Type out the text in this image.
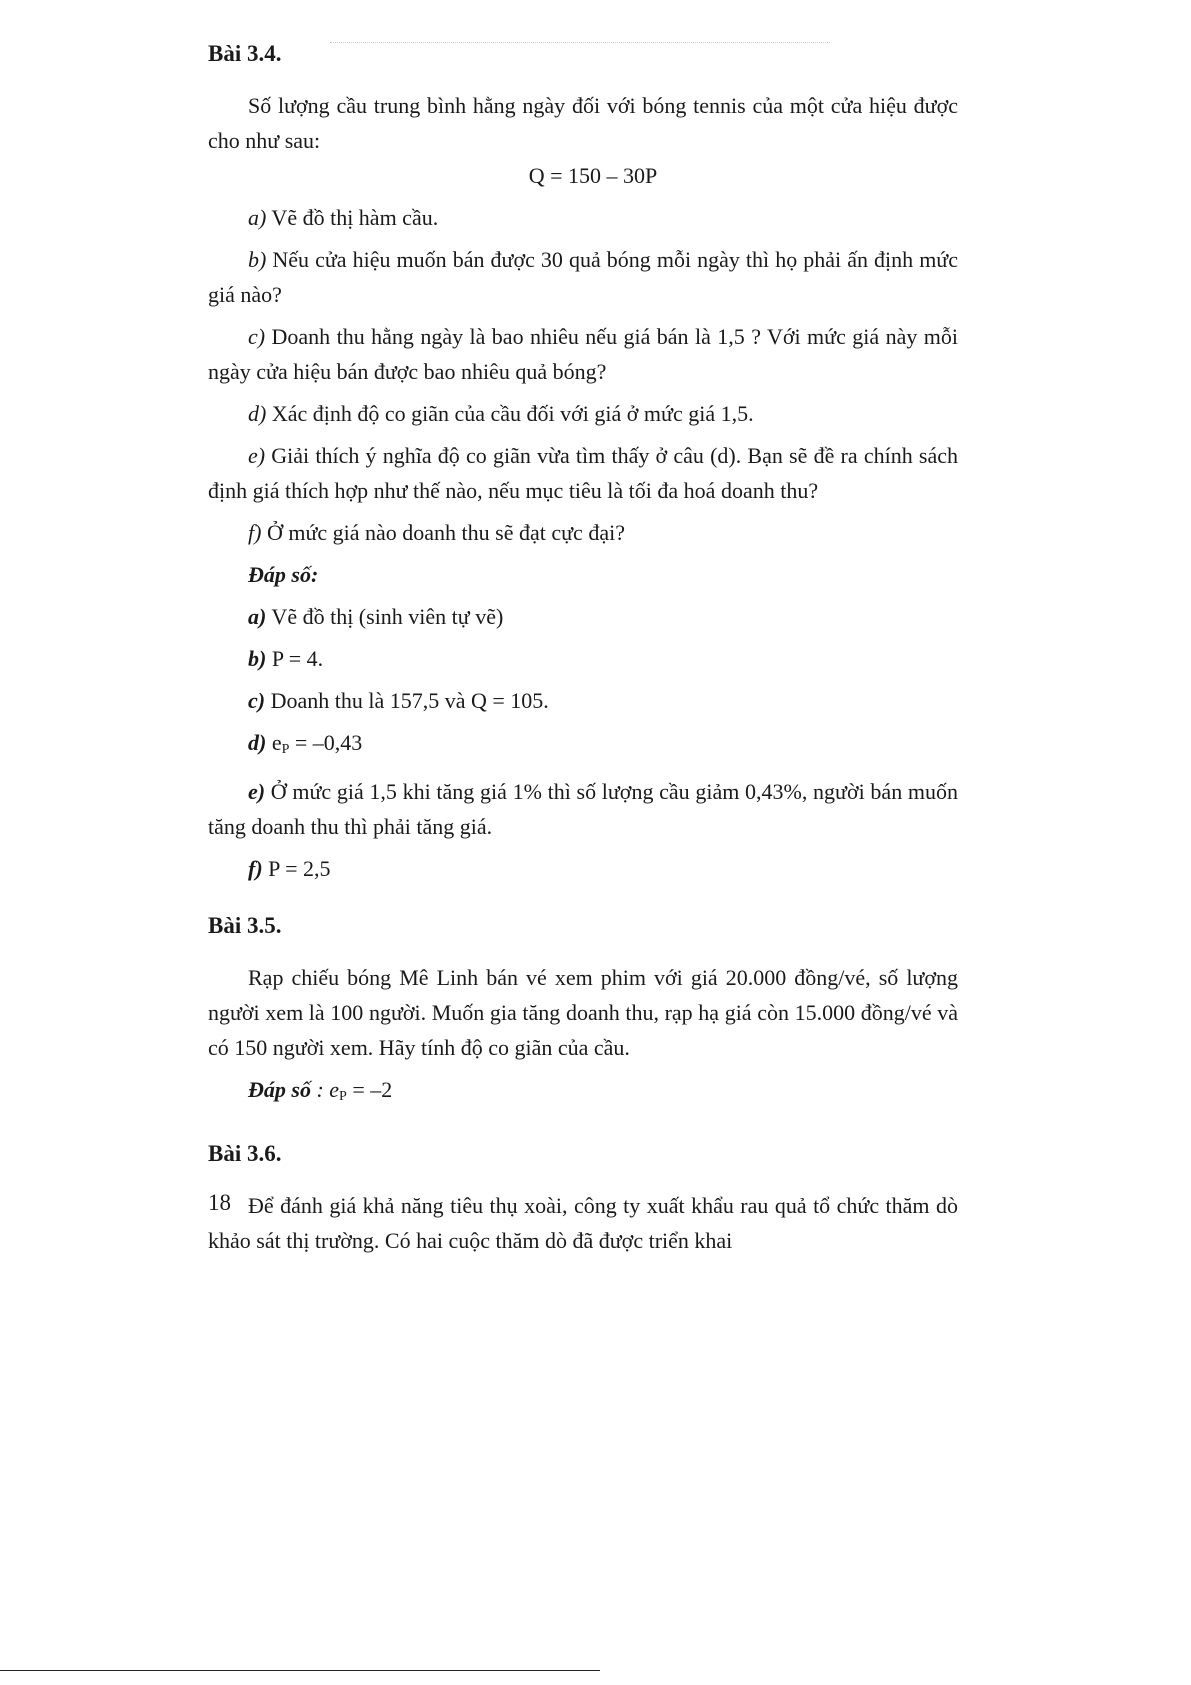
Bài 3.4.

Số lượng cầu trung bình hằng ngày đối với bóng tennis của một cửa hiệu được cho như sau:

Q = 150 – 30P

a) Vẽ đồ thị hàm cầu.

b) Nếu cửa hiệu muốn bán được 30 quả bóng mỗi ngày thì họ phải ấn định mức giá nào?

c) Doanh thu hằng ngày là bao nhiêu nếu giá bán là 1,5 ? Với mức giá này mỗi ngày cửa hiệu bán được bao nhiêu quả bóng?

d) Xác định độ co giãn của cầu đối với giá ở mức giá 1,5.

e) Giải thích ý nghĩa độ co giãn vừa tìm thấy ở câu (d). Bạn sẽ đề ra chính sách định giá thích hợp như thế nào, nếu mục tiêu là tối đa hoá doanh thu?

f) Ở mức giá nào doanh thu sẽ đạt cực đại?

Đáp số:

a) Vẽ đồ thị (sinh viên tự vẽ)

b) P = 4.

c) Doanh thu là 157,5 và Q = 105.

d) $e_P = -0,43$

e) Ở mức giá 1,5 khi tăng giá 1% thì số lượng cầu giảm 0,43%, người bán muốn tăng doanh thu thì phải tăng giá.

f) P = 2,5

Bài 3.5.

Rạp chiếu bóng Mê Linh bán vé xem phim với giá 20.000 đồng/vé, số lượng người xem là 100 người. Muốn gia tăng doanh thu, rạp hạ giá còn 15.000 đồng/vé và có 150 người xem. Hãy tính độ co giãn của cầu.

Đáp số : $e_P = -2$

Bài 3.6.

Để đánh giá khả năng tiêu thụ xoài, công ty xuất khẩu rau quả tổ chức thăm dò khảo sát thị trường. Có hai cuộc thăm dò đã được triển khai

18
